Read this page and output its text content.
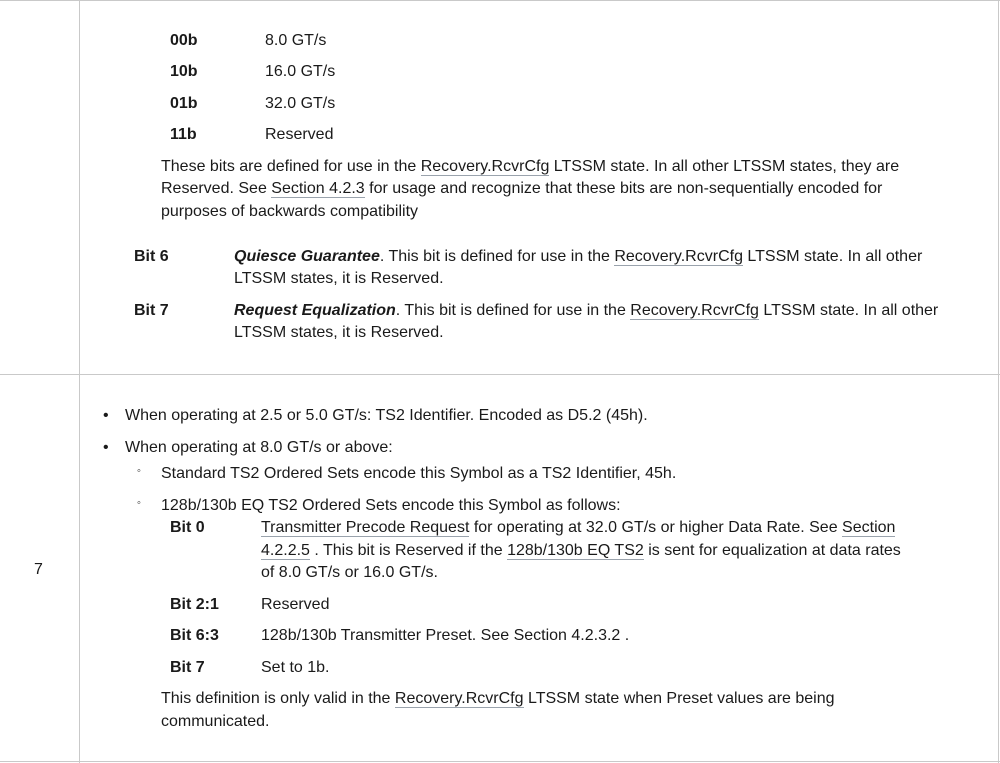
00b	8.0 GT/s
10b	16.0 GT/s
01b	32.0 GT/s
11b	Reserved
These bits are defined for use in the Recovery.RcvrCfg LTSSM state. In all other LTSSM states, they are
Reserved. See Section 4.2.3 for usage and recognize that these bits are non-sequentially encoded for
purposes of backwards compatibility
Bit 6	Quiesce Guarantee. This bit is defined for use in the Recovery.RcvrCfg LTSSM state. In all other
LTSSM states, it is Reserved.
Bit 7	Request Equalization. This bit is defined for use in the Recovery.RcvrCfg LTSSM state. In all other
LTSSM states, it is Reserved.
7
• When operating at 2.5 or 5.0 GT/s: TS2 Identifier. Encoded as D5.2 (45h).
• When operating at 8.0 GT/s or above:
◦ Standard TS2 Ordered Sets encode this Symbol as a TS2 Identifier, 45h.
◦ 128b/130b EQ TS2 Ordered Sets encode this Symbol as follows:
Bit 0	Transmitter Precode Request for operating at 32.0 GT/s or higher Data Rate. See Section
4.2.2.5 . This bit is Reserved if the 128b/130b EQ TS2 is sent for equalization at data rates
of 8.0 GT/s or 16.0 GT/s.
Bit 2:1	Reserved
Bit 6:3	128b/130b Transmitter Preset. See Section 4.2.3.2 .
Bit 7	Set to 1b.
This definition is only valid in the Recovery.RcvrCfg LTSSM state when Preset values are being
communicated.
